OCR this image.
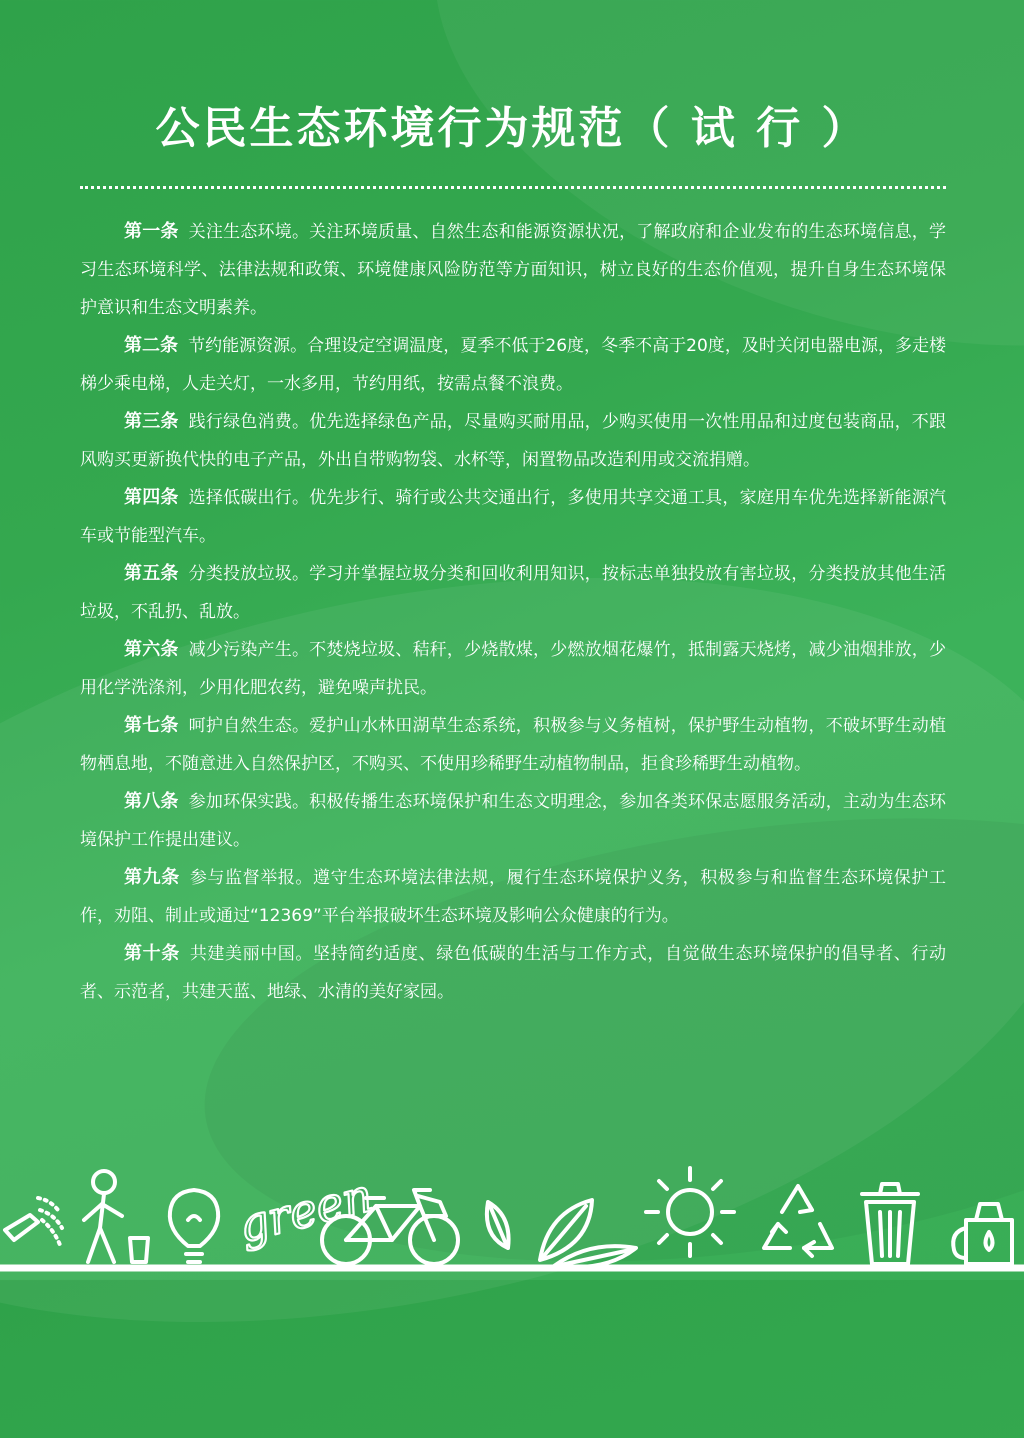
公民生态环境行为规范（ 试 行 ）

第一条 关注生态环境。关注环境质量、自然生态和能源资源状况，了解政府和企业发布的生态环境信息，学习生态环境科学、法律法规和政策、环境健康风险防范等方面知识，树立良好的生态价值观，提升自身生态环境保护意识和生态文明素养。

第二条 节约能源资源。合理设定空调温度，夏季不低于26度，冬季不高于20度，及时关闭电器电源，多走楼梯少乘电梯，人走关灯，一水多用，节约用纸，按需点餐不浪费。

第三条 践行绿色消费。优先选择绿色产品，尽量购买耐用品，少购买使用一次性用品和过度包装商品，不跟风购买更新换代快的电子产品，外出自带购物袋、水杯等，闲置物品改造利用或交流捐赠。

第四条 选择低碳出行。优先步行、骑行或公共交通出行，多使用共享交通工具，家庭用车优先选择新能源汽车或节能型汽车。

第五条 分类投放垃圾。学习并掌握垃圾分类和回收利用知识，按标志单独投放有害垃圾，分类投放其他生活垃圾，不乱扔、乱放。

第六条 减少污染产生。不焚烧垃圾、秸秆，少烧散煤，少燃放烟花爆竹，抵制露天烧烤，减少油烟排放，少用化学洗涤剂，少用化肥农药，避免噪声扰民。

第七条 呵护自然生态。爱护山水林田湖草生态系统，积极参与义务植树，保护野生动植物，不破坏野生动植物栖息地，不随意进入自然保护区，不购买、不使用珍稀野生动植物制品，拒食珍稀野生动植物。

第八条 参加环保实践。积极传播生态环境保护和生态文明理念，参加各类环保志愿服务活动，主动为生态环境保护工作提出建议。

第九条 参与监督举报。遵守生态环境法律法规，履行生态环境保护义务，积极参与和监督生态环境保护工作，劝阻、制止或通过“12369”平台举报破坏生态环境及影响公众健康的行为。

第十条 共建美丽中国。坚持简约适度、绿色低碳的生活与工作方式，自觉做生态环境保护的倡导者、行动者、示范者，共建天蓝、地绿、水清的美好家园。

green
